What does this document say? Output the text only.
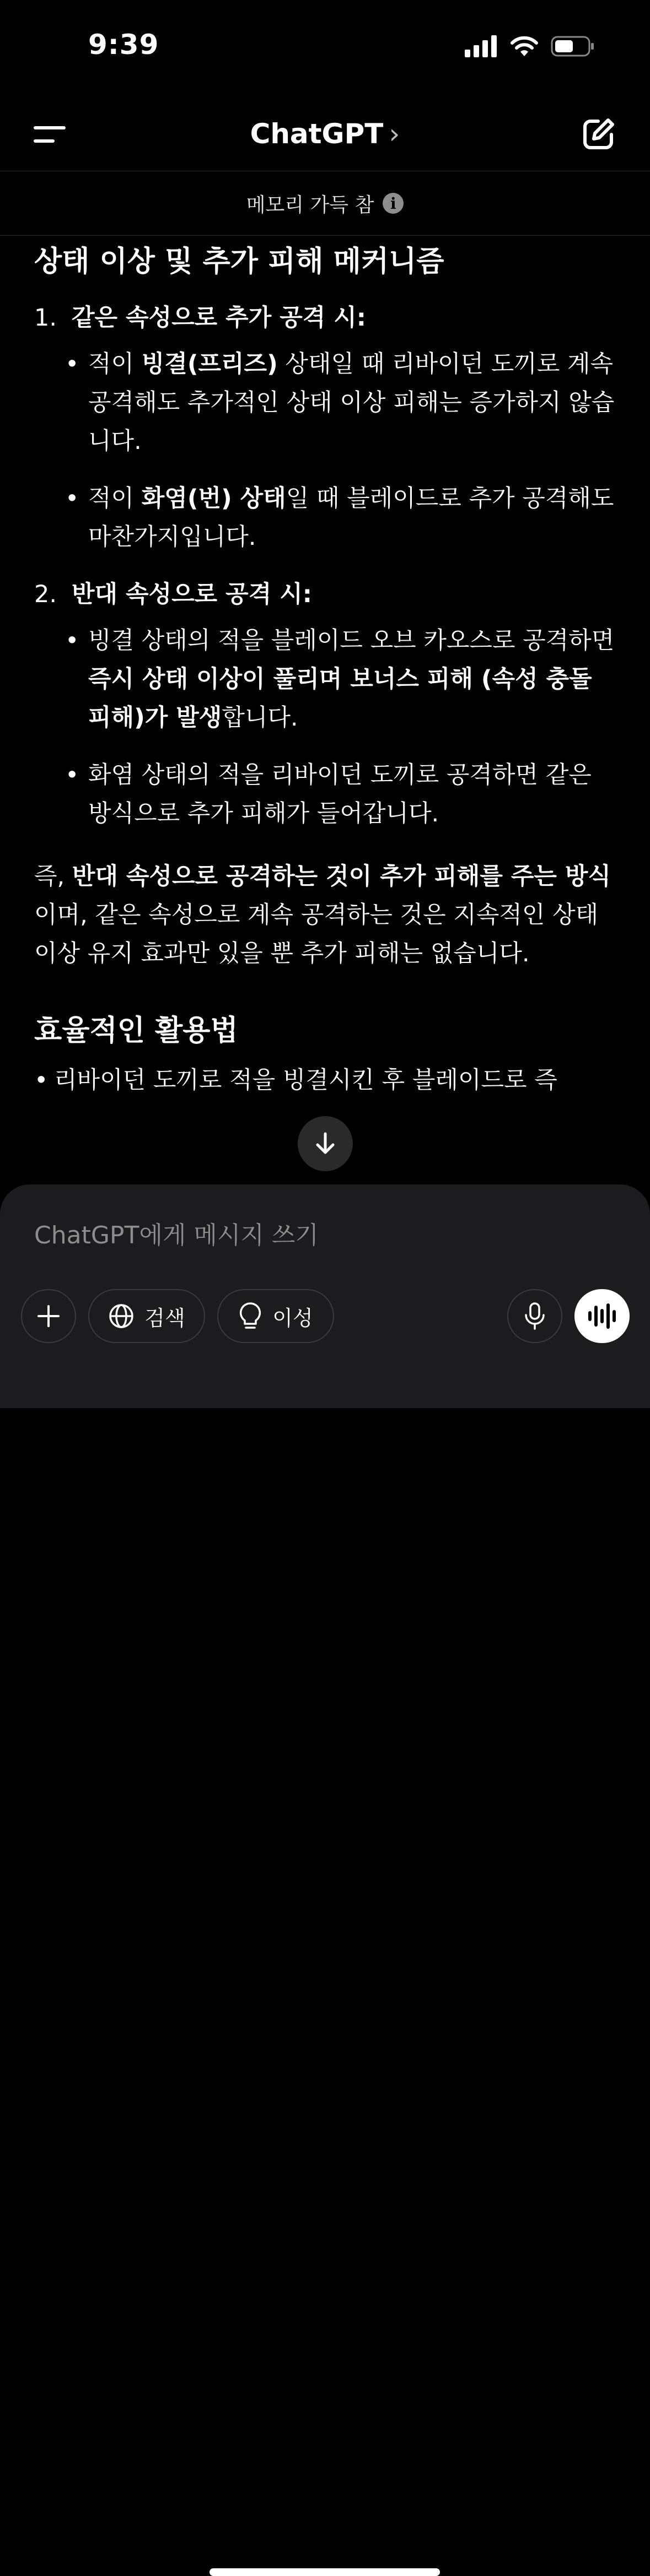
9:39
ChatGPT ›
메모리 가득 참	i
상태 이상 및 추가 피해 메커니즘
1. 같은 속성으로 추가 공격 시:
• 적이 빙결(프리즈) 상태일 때 리바이던 도끼로 계속 공격해도 추가적인 상태 이상 피해는 증가하지 않습니다.
• 적이 화염(번) 상태일 때 블레이드로 추가 공격해도 마찬가지입니다.
2. 반대 속성으로 공격 시:
• 빙결 상태의 적을 블레이드 오브 카오스로 공격하면 즉시 상태 이상이 풀리며 보너스 피해 (속성 충돌 피해)가 발생합니다.
• 화염 상태의 적을 리바이던 도끼로 공격하면 같은 방식으로 추가 피해가 들어갑니다.
즉, 반대 속성으로 공격하는 것이 추가 피해를 주는 방식이며, 같은 속성으로 계속 공격하는 것은 지속적인 상태 이상 유지 효과만 있을 뿐 추가 피해는 없습니다.
효율적인 활용법
• 리바이던 도끼로 적을 빙결시킨 후 블레이드로 즉
ChatGPT에게 메시지 쓰기
검색	이성
